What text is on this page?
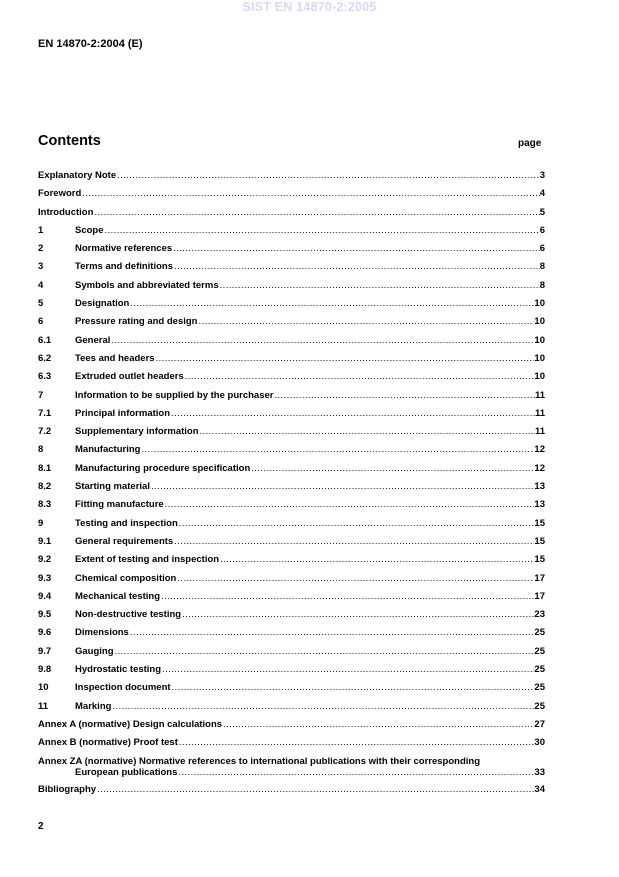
SIST EN 14870-2:2005
EN 14870-2:2004 (E)
Contents	page
Explanatory Note .....	3
Foreword .....	4
Introduction .....	5
1	Scope .....	6
2	Normative references .....	6
3	Terms and definitions .....	8
4	Symbols and abbreviated terms .....	8
5	Designation .....	10
6	Pressure rating and design .....	10
6.1	General .....	10
6.2	Tees and headers .....	10
6.3	Extruded outlet headers .....	10
7	Information to be supplied by the purchaser .....	11
7.1	Principal information .....	11
7.2	Supplementary information .....	11
8	Manufacturing .....	12
8.1	Manufacturing procedure specification .....	12
8.2	Starting material .....	13
8.3	Fitting manufacture .....	13
9	Testing and inspection .....	15
9.1	General requirements .....	15
9.2	Extent of testing and inspection .....	15
9.3	Chemical composition .....	17
9.4	Mechanical testing .....	17
9.5	Non-destructive testing .....	23
9.6	Dimensions .....	25
9.7	Gauging .....	25
9.8	Hydrostatic testing .....	25
10	Inspection document .....	25
11	Marking .....	25
Annex A (normative) Design calculations .....	27
Annex B (normative) Proof test .....	30
Annex ZA (normative) Normative references to international publications with their corresponding
European publications .....	33
Bibliography .....	34
2
